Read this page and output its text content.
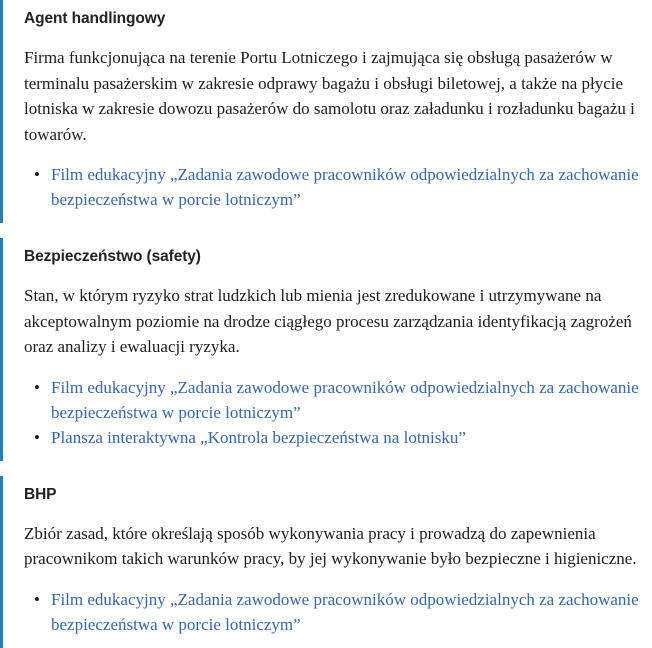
Agent handlingowy

Firma funkcjonująca na terenie Portu Lotniczego i zajmująca się obsługą pasażerów w terminalu pasażerskim w zakresie odprawy bagażu i obsługi biletowej, a także na płycie lotniska w zakresie dowozu pasażerów do samolotu oraz załadunku i rozładunku bagażu i towarów.

• Film edukacyjny „Zadania zawodowe pracowników odpowiedzialnych za zachowanie bezpieczeństwa w porcie lotniczym”
Bezpieczeństwo (safety)

Stan, w którym ryzyko strat ludzkich lub mienia jest zredukowane i utrzymywane na akceptowalnym poziomie na drodze ciągłego procesu zarządzania identyfikacją zagrożeń oraz analizy i ewaluacji ryzyka.

• Film edukacyjny „Zadania zawodowe pracowników odpowiedzialnych za zachowanie bezpieczeństwa w porcie lotniczym”
• Plansza interaktywna „Kontrola bezpieczeństwa na lotnisku”
BHP

Zbiór zasad, które określają sposób wykonywania pracy i prowadzą do zapewnienia pracownikom takich warunków pracy, by jej wykonywanie było bezpieczne i higieniczne.

• Film edukacyjny „Zadania zawodowe pracowników odpowiedzialnych za zachowanie bezpieczeństwa w porcie lotniczym”
